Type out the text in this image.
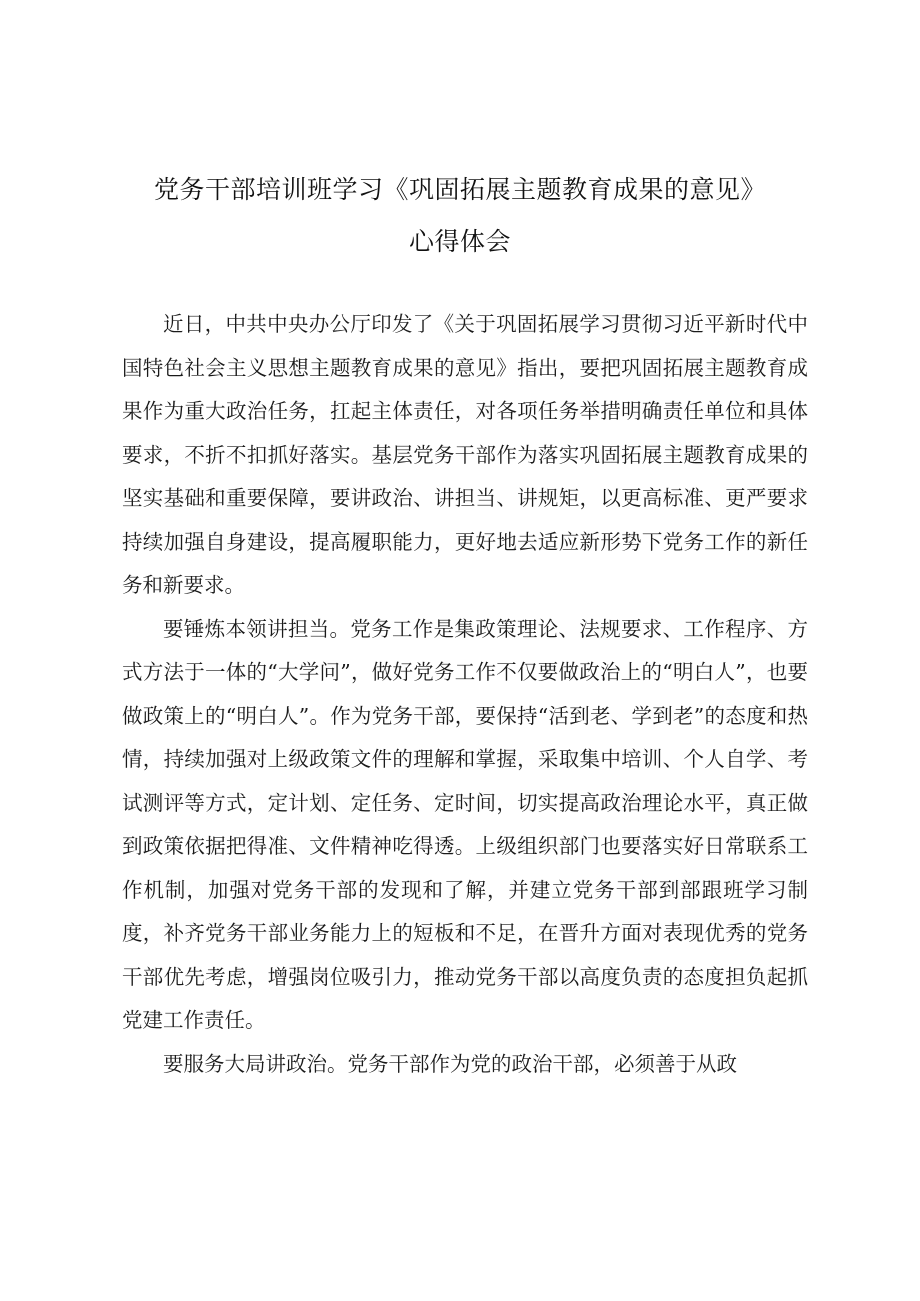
党务干部培训班学习《巩固拓展主题教育成果的意见》
心得体会

近日，中共中央办公厅印发了《关于巩固拓展学习贯彻习近平新时代中国特色社会主义思想主题教育成果的意见》指出，要把巩固拓展主题教育成果作为重大政治任务，扛起主体责任，对各项任务举措明确责任单位和具体要求，不折不扣抓好落实。基层党务干部作为落实巩固拓展主题教育成果的坚实基础和重要保障，要讲政治、讲担当、讲规矩，以更高标准、更严要求持续加强自身建设，提高履职能力，更好地去适应新形势下党务工作的新任务和新要求。

要锤炼本领讲担当。党务工作是集政策理论、法规要求、工作程序、方式方法于一体的“大学问”，做好党务工作不仅要做政治上的“明白人”，也要做政策上的“明白人”。作为党务干部，要保持“活到老、学到老”的态度和热情，持续加强对上级政策文件的理解和掌握，采取集中培训、个人自学、考试测评等方式，定计划、定任务、定时间，切实提高政治理论水平，真正做到政策依据把得准、文件精神吃得透。上级组织部门也要落实好日常联系工作机制，加强对党务干部的发现和了解，并建立党务干部到部跟班学习制度，补齐党务干部业务能力上的短板和不足，在晋升方面对表现优秀的党务干部优先考虑，增强岗位吸引力，推动党务干部以高度负责的态度担负起抓党建工作责任。

要服务大局讲政治。党务干部作为党的政治干部，必须善于从政
